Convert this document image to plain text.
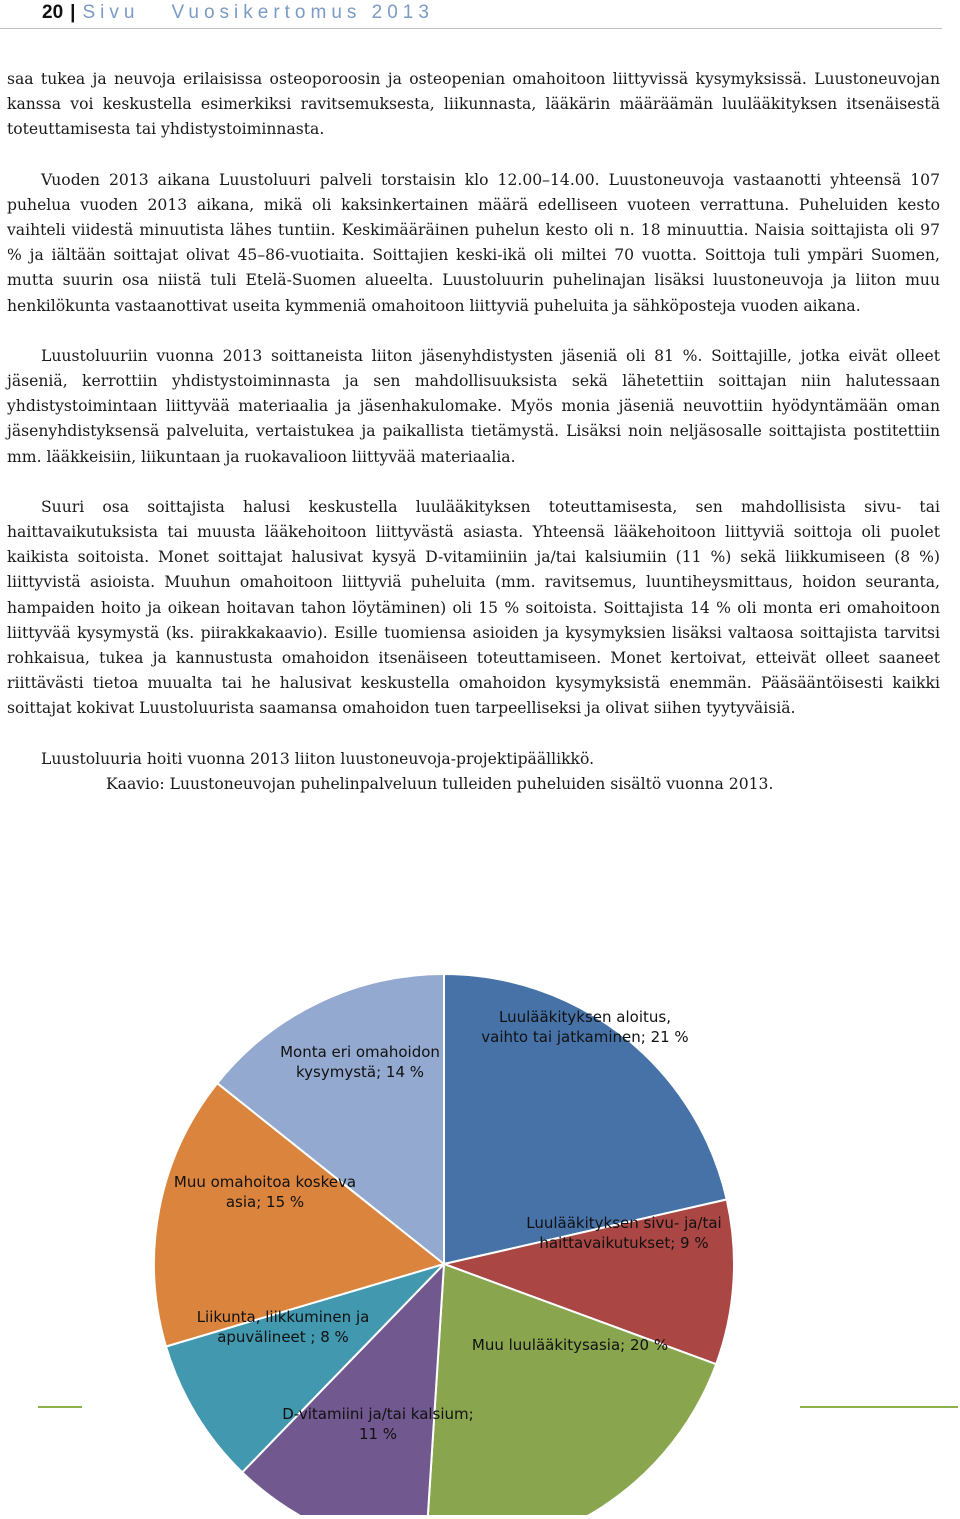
20 | Sivu Vuosikertomus 2013

saa tukea ja neuvoja erilaisissa osteoporoosin ja osteopenian omahoitoon liittyvissä kysymyksissä. Luustoneuvojan kanssa voi keskustella esimerkiksi ravitsemuksesta, liikunnasta, lääkärin määräämän luulääkityksen itsenäisestä toteuttamisesta tai yhdistystoiminnasta.

Vuoden 2013 aikana Luustoluuri palveli torstaisin klo 12.00–14.00. Luustoneuvoja vastaanotti yhteensä 107 puhelua vuoden 2013 aikana, mikä oli kaksinkertainen määrä edelliseen vuoteen verrattuna. Puheluiden kesto vaihteli viidestä minuutista lähes tuntiin. Keskimääräinen puhelun kesto oli n. 18 minuuttia. Naisia soittajista oli 97 % ja iältään soittajat olivat 45–86-vuotiaita. Soittajien keski-ikä oli miltei 70 vuotta. Soittoja tuli ympäri Suomen, mutta suurin osa niistä tuli Etelä-Suomen alueelta. Luustoluurin puhelinajan lisäksi luustoneuvoja ja liiton muu henkilökunta vastaanottivat useita kymmeniä omahoitoon liittyviä puheluita ja sähköposteja vuoden aikana.

Luustoluuriin vuonna 2013 soittaneista liiton jäsenyhdistysten jäseniä oli 81 %. Soittajille, jotka eivät olleet jäseniä, kerrottiin yhdistystoiminnasta ja sen mahdollisuuksista sekä lähetettiin soittajan niin halutessaan yhdistystoimintaan liittyvää materiaalia ja jäsenhakulomake. Myös monia jäseniä neuvottiin hyödyntämään oman jäsenyhdistyksensä palveluita, vertaistukea ja paikallista tietämystä. Lisäksi noin neljäsosalle soittajista postitettiin mm. lääkkeisiin, liikuntaan ja ruokavalioon liittyvää materiaalia.

Suuri osa soittajista halusi keskustella luulääkityksen toteuttamisesta, sen mahdollisista sivu- tai haittavaikutuksista tai muusta lääkehoitoon liittyvästä asiasta. Yhteensä lääkehoitoon liittyviä soittoja oli puolet kaikista soitoista. Monet soittajat halusivat kysyä D-vitamiiniin ja/tai kalsiumiin (11 %) sekä liikkumiseen (8 %) liittyvistä asioista. Muuhun omahoitoon liittyviä puheluita (mm. ravitsemus, luuntiheysmittaus, hoidon seuranta, hampaiden hoito ja oikean hoitavan tahon löytäminen) oli 15 % soitoista. Soittajista 14 % oli monta eri omahoitoon liittyvää kysymystä (ks. piirakkakaavio). Esille tuomiensa asioiden ja kysymyksien lisäksi valtaosa soittajista tarvitsi rohkaisua, tukea ja kannustusta omahoidon itsenäiseen toteuttamiseen. Monet kertoivat, etteivät olleet saaneet riittävästi tietoa muualta tai he halusivat keskustella omahoidon kysymyksistä enemmän. Pääsääntöisesti kaikki soittajat kokivat Luustoluurista saamansa omahoidon tuen tarpeelliseksi ja olivat siihen tyytyväisiä.

Luustoluuria hoiti vuonna 2013 liiton luustoneuvoja-projektipäällikkö.

Kaavio: Luustoneuvojan puhelinpalveluun tulleiden puheluiden sisältö vuonna 2013.

Luulääkityksen aloitus, vaihto tai jatkaminen; 21 %
Luulääkityksen sivu- ja/tai haittavaikutukset; 9 %
Muu luulääkitysasia; 20 %
D-vitamiini ja/tai kalsium; 11 %
Liikunta, liikkuminen ja apuvälineet ; 8 %
Muu omahoitoa koskeva asia; 15 %
Monta eri omahoidon kysymystä; 14 %
